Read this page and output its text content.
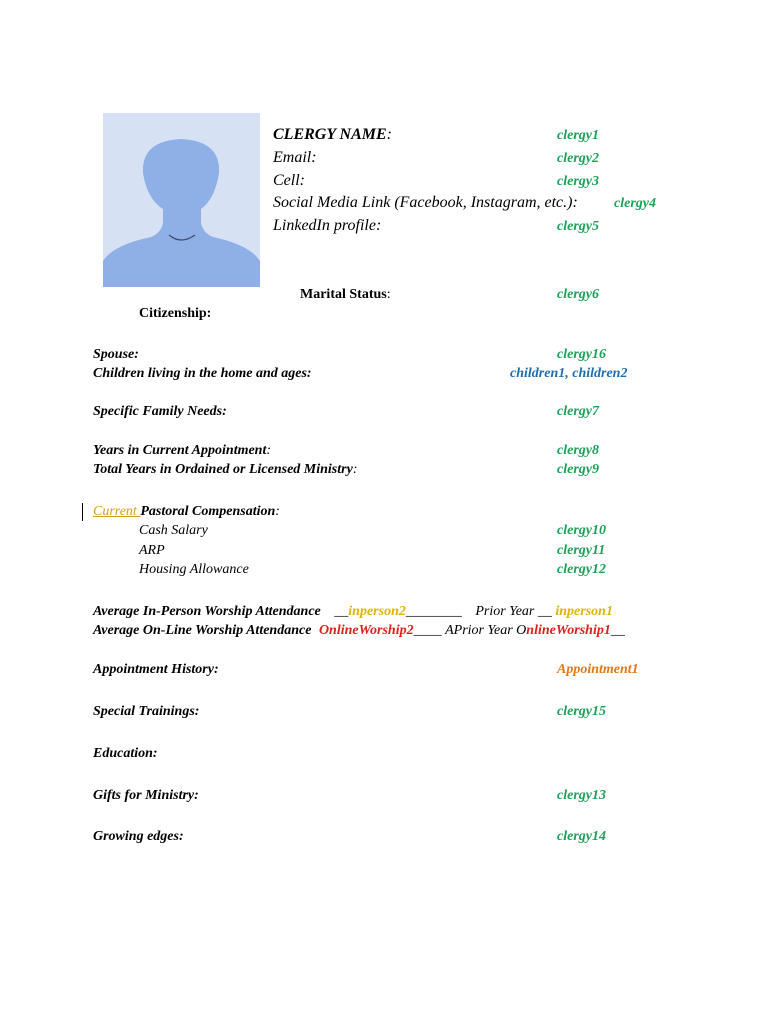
CLERGY NAME:	clergy1
Email:	clergy2
Cell:	clergy3
Social Media Link (Facebook, Instagram, etc.):	clergy4
LinkedIn profile:	clergy5
Marital Status:	clergy6
Citizenship:
Spouse:	clergy16
Children living in the home and ages:	children1, children2
Specific Family Needs:	clergy7
Years in Current Appointment:	clergy8
Total Years in Ordained or Licensed Ministry:	clergy9
Current Pastoral Compensation:
Cash Salary	clergy10
ARP	clergy11
Housing Allowance	clergy12
Average In-Person Worship Attendance __inperson2________ Prior Year __ inperson1
Average On-Line Worship Attendance OnlineWorship2____ APrior Year OnlineWorship1__
Appointment History:	Appointment1
Special Trainings:	clergy15
Education:
Gifts for Ministry:	clergy13
Growing edges:	clergy14
